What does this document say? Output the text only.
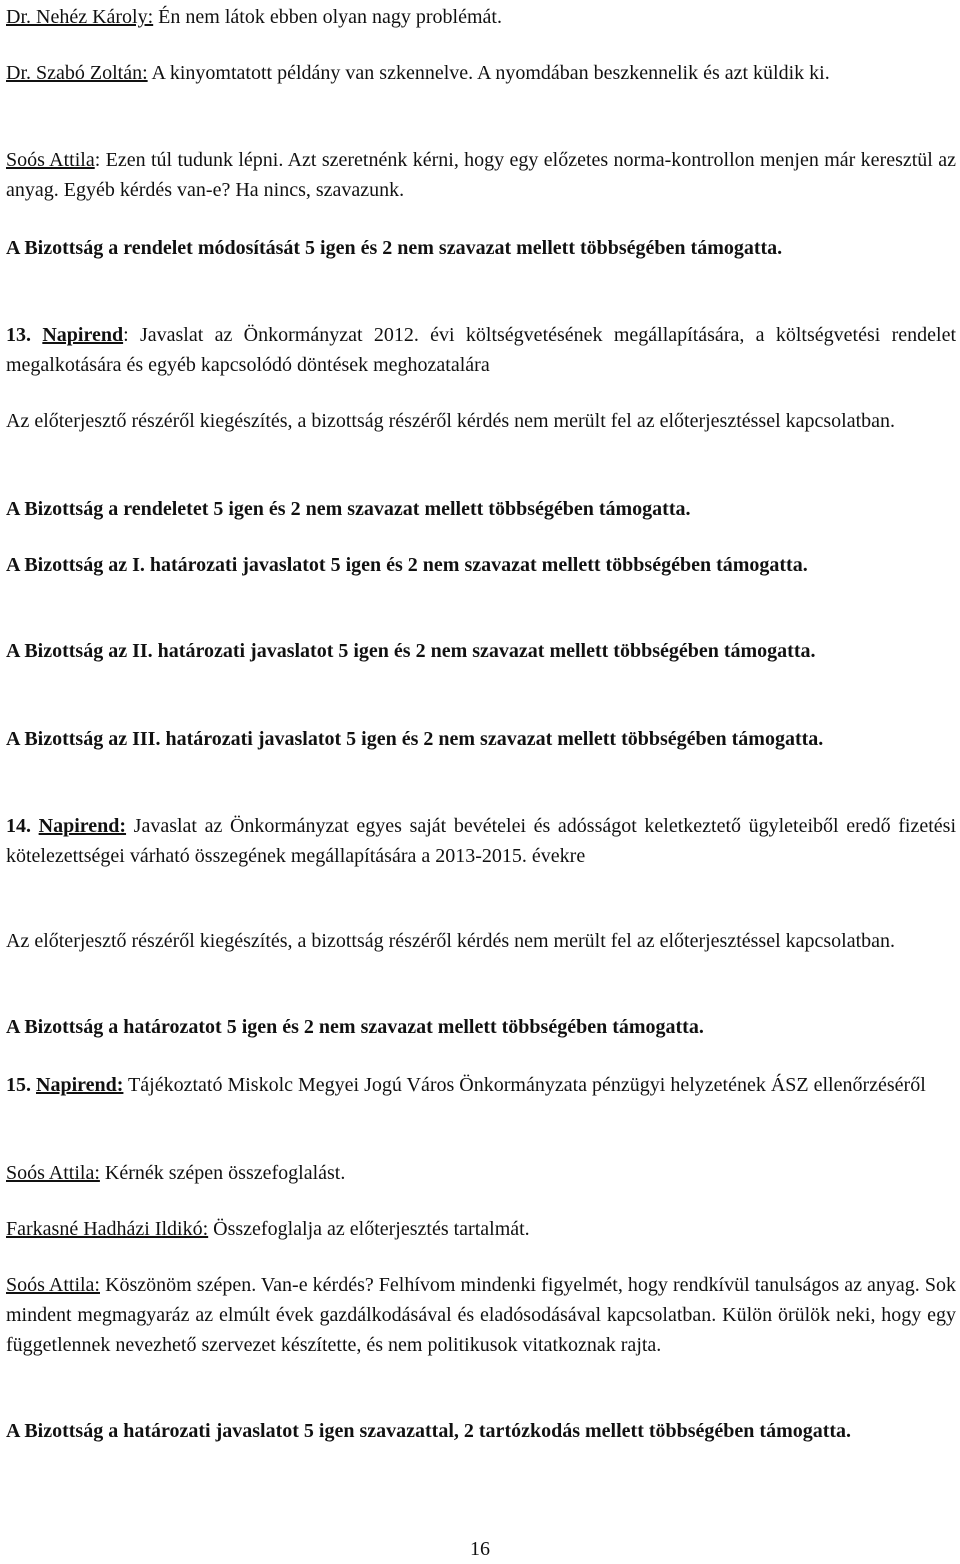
Dr. Nehéz Károly: Én nem látok ebben olyan nagy problémát.

Dr. Szabó Zoltán: A kinyomtatott példány van szkennelve. A nyomdában beszkennelik és azt küldik ki.

Soós Attila: Ezen túl tudunk lépni. Azt szeretnénk kérni, hogy egy előzetes norma-kontrollon menjen már keresztül az anyag. Egyéb kérdés van-e? Ha nincs, szavazunk.

A Bizottság a rendelet módosítását 5 igen és 2 nem szavazat mellett többségében támogatta.

13. Napirend: Javaslat az Önkormányzat 2012. évi költségvetésének megállapítására, a költségvetési rendelet megalkotására és egyéb kapcsolódó döntések meghozatalára

Az előterjesztő részéről kiegészítés, a bizottság részéről kérdés nem merült fel az előterjesztéssel kapcsolatban.

A Bizottság a rendeletet 5 igen és 2 nem szavazat mellett többségében támogatta.

A Bizottság az I. határozati javaslatot 5 igen és 2 nem szavazat mellett többségében támogatta.

A Bizottság az II. határozati javaslatot 5 igen és 2 nem szavazat mellett többségében támogatta.

A Bizottság az III. határozati javaslatot 5 igen és 2 nem szavazat mellett többségében támogatta.

14. Napirend: Javaslat az Önkormányzat egyes saját bevételei és adósságot keletkeztető ügyleteiből eredő fizetési kötelezettségei várható összegének megállapítására a 2013-2015. évekre

Az előterjesztő részéről kiegészítés, a bizottság részéről kérdés nem merült fel az előterjesztéssel kapcsolatban.

A Bizottság a határozatot 5 igen és 2 nem szavazat mellett többségében támogatta.

15. Napirend: Tájékoztató Miskolc Megyei Jogú Város Önkormányzata pénzügyi helyzetének ÁSZ ellenőrzéséről

Soós Attila: Kérnék szépen összefoglalást.

Farkasné Hadházi Ildikó: Összefoglalja az előterjesztés tartalmát.

Soós Attila: Köszönöm szépen. Van-e kérdés? Felhívom mindenki figyelmét, hogy rendkívül tanulságos az anyag. Sok mindent megmagyaráz az elmúlt évek gazdálkodásával és eladósodásával kapcsolatban. Külön örülök neki, hogy egy függetlennek nevezhető szervezet készítette, és nem politikusok vitatkoznak rajta.

A Bizottság a határozati javaslatot 5 igen szavazattal, 2 tartózkodás mellett többségében támogatta.

16
